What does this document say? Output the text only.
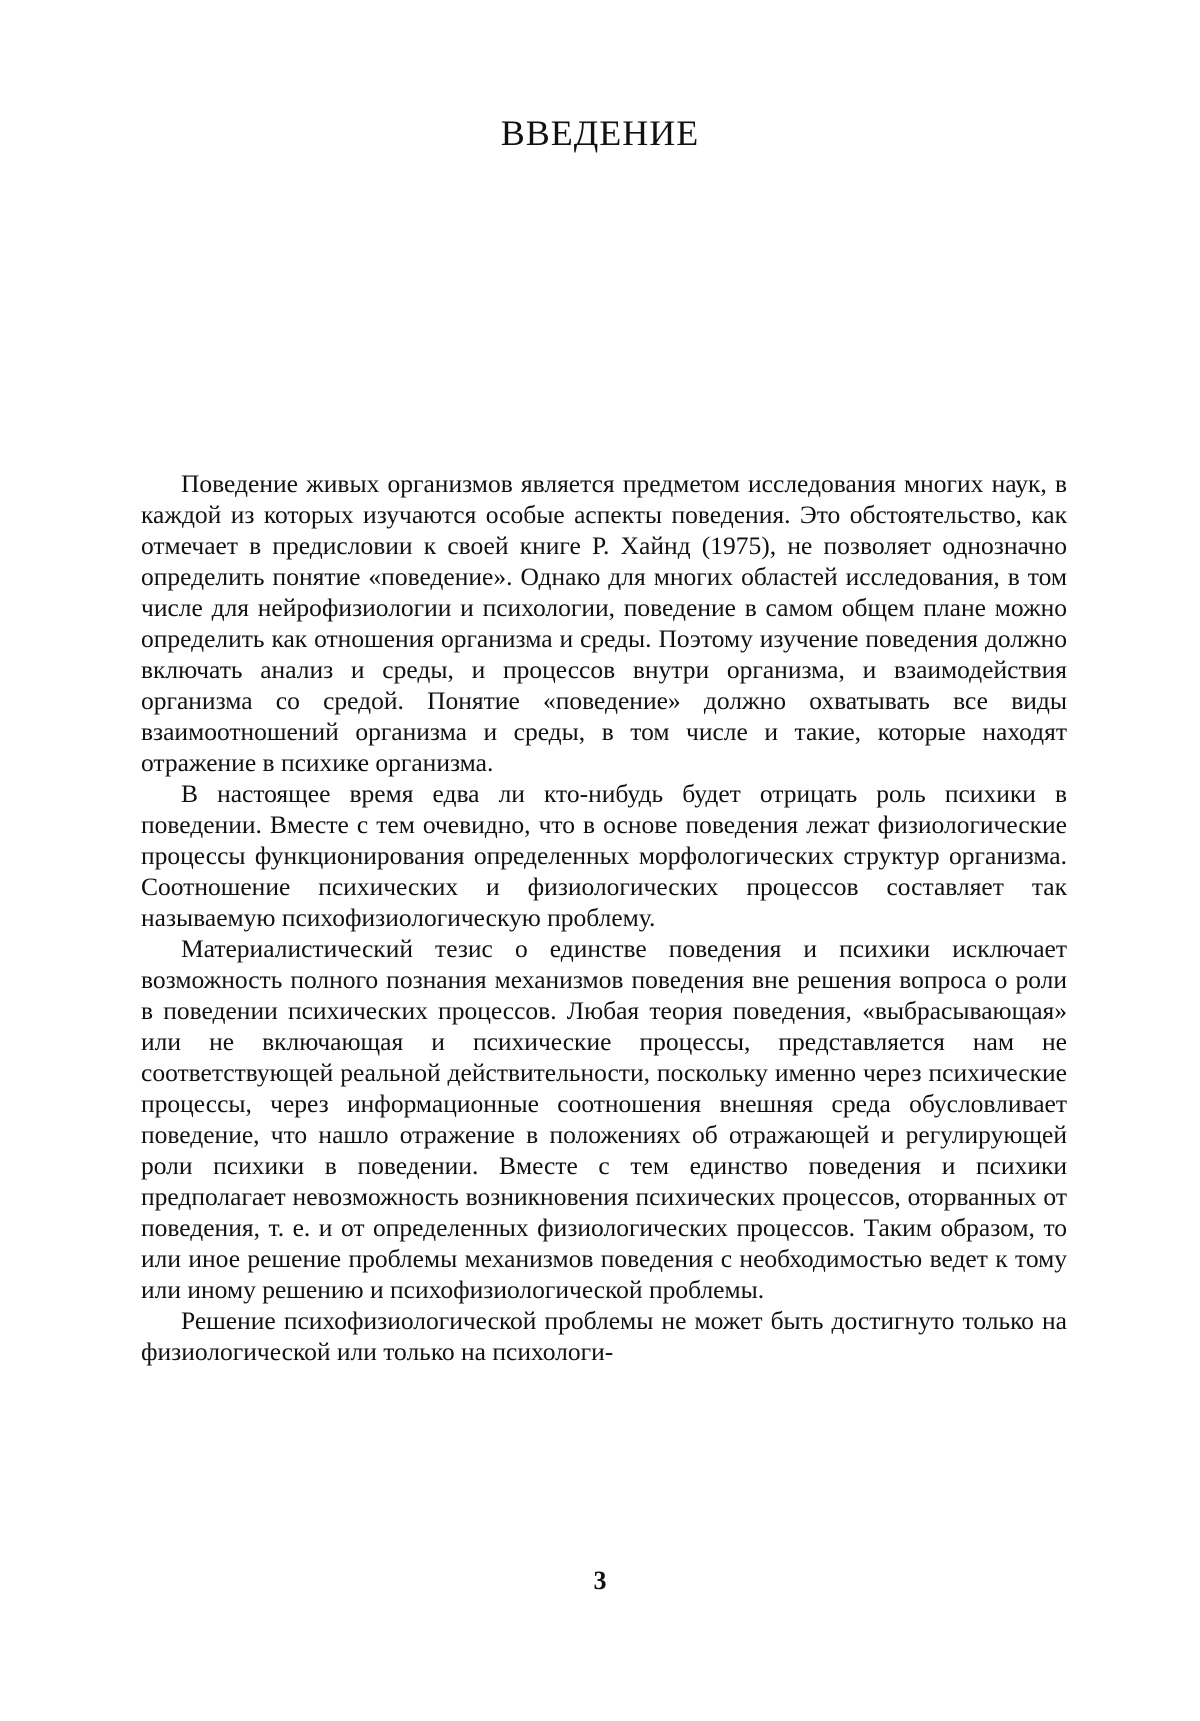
ВВЕДЕНИЕ

Поведение живых организмов является предметом исследования многих наук, в каждой из которых изучаются особые аспекты поведения. Это обстоятельство, как отмечает в предисловии к своей книге Р. Хайнд (1975), не позволяет однозначно определить понятие «поведение». Однако для многих областей исследования, в том числе для нейрофизиологии и психологии, поведение в самом общем плане можно определить как отношения организма и среды. Поэтому изучение поведения должно включать анализ и среды, и процессов внутри организма, и взаимодействия организма со средой. Понятие «поведение» должно охватывать все виды взаимоотношений организма и среды, в том числе и такие, которые находят отражение в психике организма.

В настоящее время едва ли кто-нибудь будет отрицать роль психики в поведении. Вместе с тем очевидно, что в основе поведения лежат физиологические процессы функционирования определенных морфологических структур организма. Соотношение психических и физиологических процессов составляет так называемую психофизиологическую проблему.

Материалистический тезис о единстве поведения и психики исключает возможность полного познания механизмов поведения вне решения вопроса о роли в поведении психических процессов. Любая теория поведения, «выбрасывающая» или не включающая и психические процессы, представляется нам не соответствующей реальной действительности, поскольку именно через психические процессы, через информационные соотношения внешняя среда обусловливает поведение, что нашло отражение в положениях об отражающей и регулирующей роли психики в поведении. Вместе с тем единство поведения и психики предполагает невозможность возникновения психических процессов, оторванных от поведения, т. е. и от определенных физиологических процессов. Таким образом, то или иное решение проблемы механизмов поведения с необходимостью ведет к тому или иному решению и психофизиологической проблемы.

Решение психофизиологической проблемы не может быть достигнуто только на физиологической или только на психологи-

3
